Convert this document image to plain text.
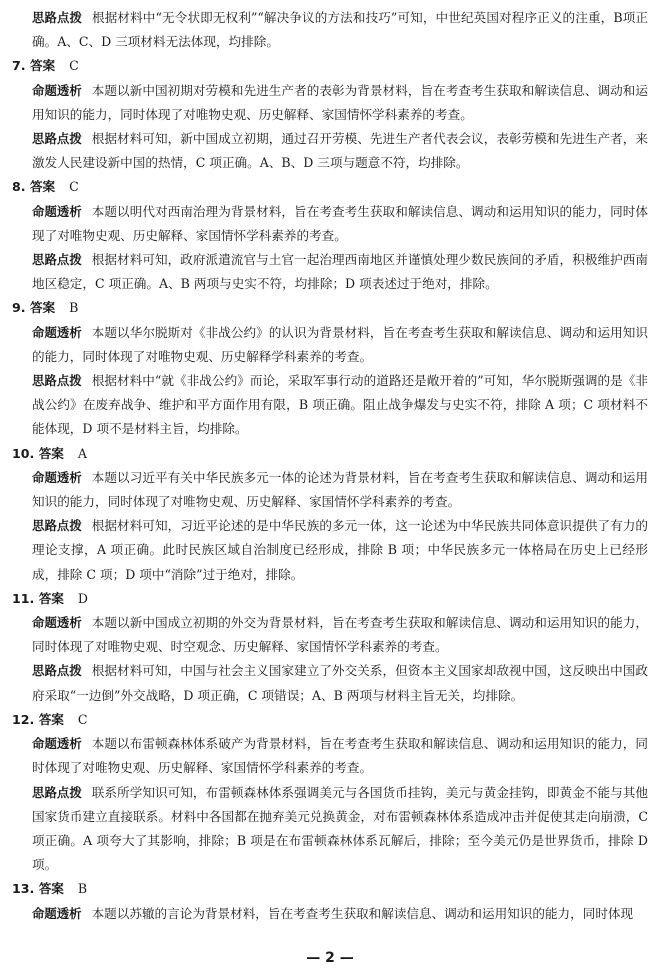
思路点拨 根据材料中“无令状即无权利”“解决争议的方法和技巧”可知，中世纪英国对程序正义的注重，B项正确。A、C、D 三项材料无法体现，均排除。

7. 答案 C

命题透析 本题以新中国初期对劳模和先进生产者的表彰为背景材料，旨在考查考生获取和解读信息、调动和运用知识的能力，同时体现了对唯物史观、历史解释、家国情怀学科素养的考查。

思路点拨 根据材料可知，新中国成立初期，通过召开劳模、先进生产者代表会议，表彰劳模和先进生产者，来激发人民建设新中国的热情，C 项正确。A、B、D 三项与题意不符，均排除。

8. 答案 C

命题透析 本题以明代对西南治理为背景材料，旨在考查考生获取和解读信息、调动和运用知识的能力，同时体现了对唯物史观、历史解释、家国情怀学科素养的考查。

思路点拨 根据材料可知，政府派遣流官与土官一起治理西南地区并谨慎处理少数民族间的矛盾，积极维护西南地区稳定，C 项正确。A、B 两项与史实不符，均排除；D 项表述过于绝对，排除。

9. 答案 B

命题透析 本题以华尔脱斯对《非战公约》的认识为背景材料，旨在考查考生获取和解读信息、调动和运用知识的能力，同时体现了对唯物史观、历史解释学科素养的考查。

思路点拨 根据材料中“就《非战公约》而论，采取军事行动的道路还是敞开着的”可知，华尔脱斯强调的是《非战公约》在废弃战争、维护和平方面作用有限，B 项正确。阻止战争爆发与史实不符，排除 A 项；C 项材料不能体现，D 项不是材料主旨，均排除。

10. 答案 A

命题透析 本题以习近平有关中华民族多元一体的论述为背景材料，旨在考查考生获取和解读信息、调动和运用知识的能力，同时体现了对唯物史观、历史解释、家国情怀学科素养的考查。

思路点拨 根据材料可知，习近平论述的是中华民族的多元一体，这一论述为中华民族共同体意识提供了有力的理论支撑，A 项正确。此时民族区域自治制度已经形成，排除 B 项；中华民族多元一体格局在历史上已经形成，排除 C 项；D 项中“消除”过于绝对，排除。

11. 答案 D

命题透析 本题以新中国成立初期的外交为背景材料，旨在考查考生获取和解读信息、调动和运用知识的能力，同时体现了对唯物史观、时空观念、历史解释、家国情怀学科素养的考查。

思路点拨 根据材料可知，中国与社会主义国家建立了外交关系，但资本主义国家却敌视中国，这反映出中国政府采取“一边倒”外交战略，D 项正确，C 项错误；A、B 两项与材料主旨无关，均排除。

12. 答案 C

命题透析 本题以布雷顿森林体系破产为背景材料，旨在考查考生获取和解读信息、调动和运用知识的能力，同时体现了对唯物史观、历史解释、家国情怀学科素养的考查。

思路点拨 联系所学知识可知，布雷顿森林体系强调美元与各国货币挂钩，美元与黄金挂钩，即黄金不能与其他国家货币建立直接联系。材料中各国都在抛弃美元兑换黄金，对布雷顿森林体系造成冲击并促使其走向崩溃，C 项正确。A 项夸大了其影响，排除；B 项是在布雷顿森林体系瓦解后，排除；至今美元仍是世界货币，排除 D 项。

13. 答案 B

命题透析 本题以苏辙的言论为背景材料，旨在考查考生获取和解读信息、调动和运用知识的能力，同时体现

— 2 —
